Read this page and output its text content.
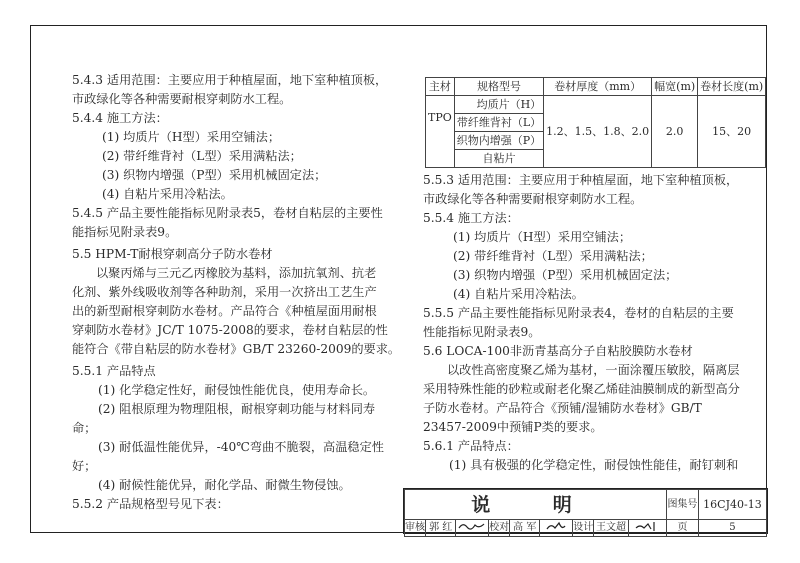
5.4.3 适用范围：主要应用于种植屋面，地下室种植顶板，
市政绿化等各种需要耐根穿刺防水工程。
5.4.4 施工方法：
(1) 均质片（H型）采用空铺法；
(2) 带纤维背衬（L型）采用满粘法；
(3) 织物内增强（P型）采用机械固定法；
(4) 自粘片采用冷粘法。
5.4.5 产品主要性能指标见附录表5，卷材自粘层的主要性
能指标见附录表9。
5.5 HPM-T耐根穿刺高分子防水卷材
以聚丙烯与三元乙丙橡胶为基料，添加抗氧剂、抗老
化剂、紫外线吸收剂等各种助剂，采用一次挤出工艺生产
出的新型耐根穿刺防水卷材。产品符合《种植屋面用耐根
穿刺防水卷材》JC/T 1075-2008的要求，卷材自粘层的性
能符合《带自粘层的防水卷材》GB/T 23260-2009的要求。
5.5.1 产品特点
(1) 化学稳定性好，耐侵蚀性能优良，使用寿命长。
(2) 阻根原理为物理阻根，耐根穿刺功能与材料同寿
命；
(3) 耐低温性能优异，-40℃弯曲不脆裂，高温稳定性
好；
(4) 耐候性能优异，耐化学品、耐微生物侵蚀。
5.5.2 产品规格型号见下表：
主材	规格型号	卷材厚度（mm）	幅宽(m)	卷材长度(m)
TPO	均质片（H）	1.2、1.5、1.8、2.0	2.0	15、20
	带纤维背衬（L）			
	织物内增强（P）			
	自粘片			
5.5.3 适用范围：主要应用于种植屋面，地下室种植顶板，
市政绿化等各种需要耐根穿刺防水工程。
5.5.4 施工方法：
(1) 均质片（H型）采用空铺法；
(2) 带纤维背衬（L型）采用满粘法；
(3) 织物内增强（P型）采用机械固定法；
(4) 自粘片采用冷粘法。
5.5.5 产品主要性能指标见附录表4，卷材的自粘层的主要
性能指标见附录表9。
5.6 LOCA-100非沥青基高分子自粘胶膜防水卷材
以改性高密度聚乙烯为基材，一面涂覆压敏胶，隔离层
采用特殊性能的砂粒或耐老化聚乙烯硅油膜制成的新型高分
子防水卷材。产品符合《预铺/湿铺防水卷材》GB/T
23457-2009中预铺P类的要求。
5.6.1 产品特点：
(1) 具有极强的化学稳定性，耐侵蚀性能佳，耐钉刺和
说 明									图集号	16CJ40-13
审核	郭 红		校对	高 军		设计	王文超		页	5
